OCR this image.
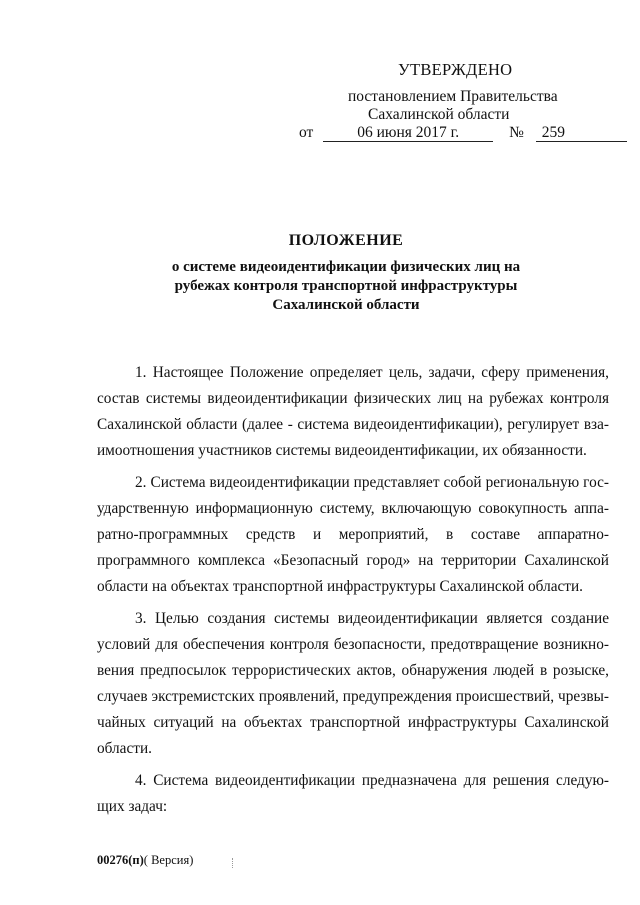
УТВЕРЖДЕНО
постановлением Правительства
Сахалинской области
от	06 июня 2017 г.	№ 259
ПОЛОЖЕНИЕ
о системе видеоидентификации физических лиц на
рубежах контроля транспортной инфраструктуры
Сахалинской области
1. Настоящее Положение определяет цель, задачи, сферу применения,
состав системы видеоидентификации физических лиц на рубежах контроля
Сахалинской области (далее - система видеоидентификации), регулирует вза-
имоотношения участников системы видеоидентификации, их обязанности.
2. Система видеоидентификации представляет собой региональную гос-
ударственную информационную систему, включающую совокупность аппа-
ратно-программных средств и мероприятий, в составе аппаратно-
программного комплекса «Безопасный город» на территории Сахалинской
области на объектах транспортной инфраструктуры Сахалинской области.
3. Целью создания системы видеоидентификации является создание
условий для обеспечения контроля безопасности, предотвращение возникно-
вения предпосылок террористических актов, обнаружения людей в розыске,
случаев экстремистских проявлений, предупреждения происшествий, чрезвы-
чайных ситуаций на объектах транспортной инфраструктуры Сахалинской
области.
4. Система видеоидентификации предназначена для решения следую-
щих задач:
00276(п)( Версия)
